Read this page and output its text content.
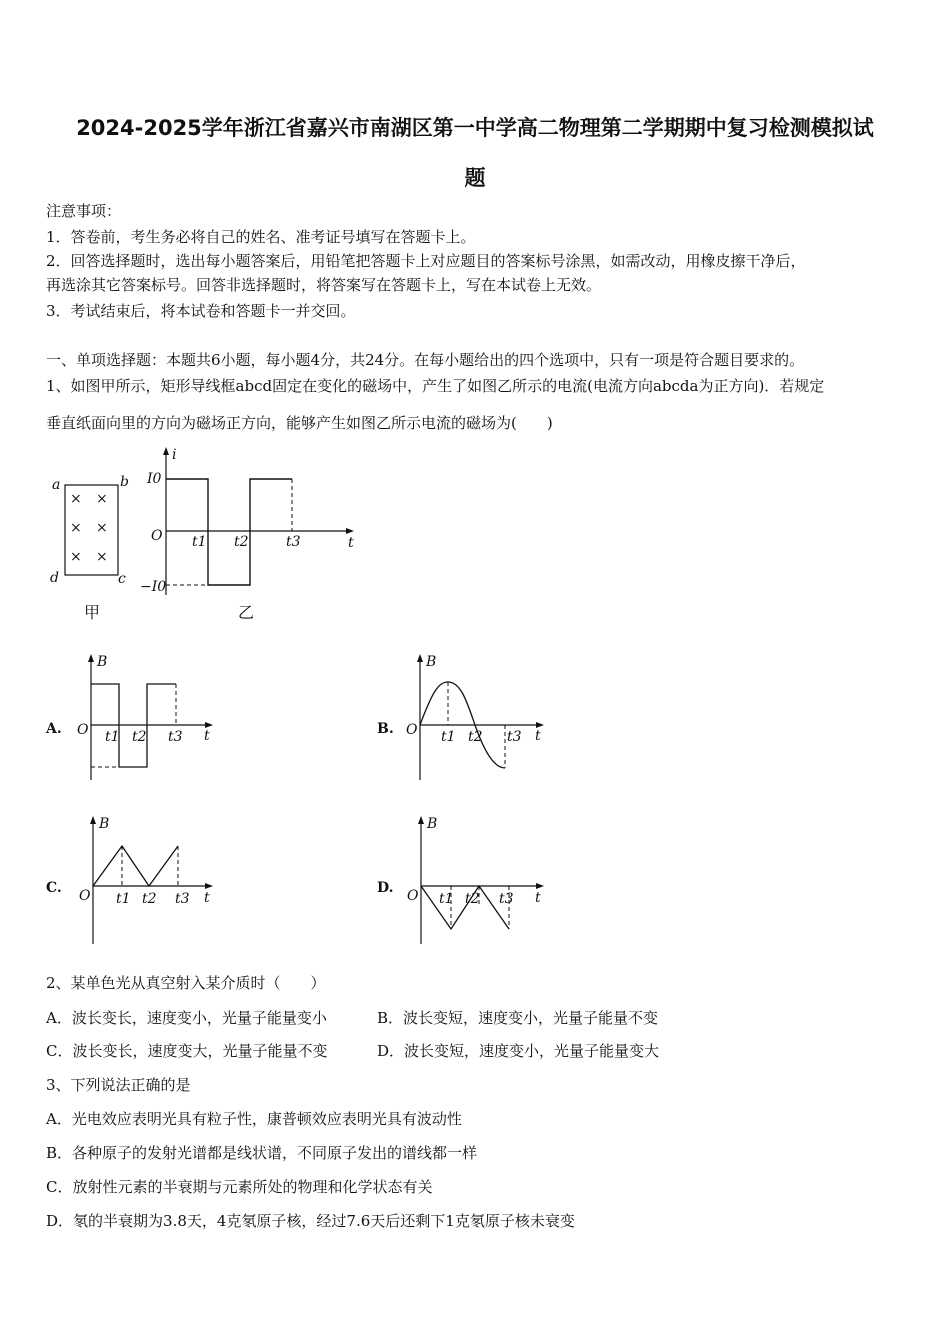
2024-2025学年浙江省嘉兴市南湖区第一中学高二物理第二学期期中复习检测模拟试
题
注意事项：
1．答卷前，考生务必将自己的姓名、准考证号填写在答题卡上。
2．回答选择题时，选出每小题答案后，用铅笔把答题卡上对应题目的答案标号涂黑，如需改动，用橡皮擦干净后，
再选涂其它答案标号。回答非选择题时，将答案写在答题卡上，写在本试卷上无效。
3．考试结束后，将本试卷和答题卡一并交回。
一、单项选择题：本题共6小题，每小题4分，共24分。在每小题给出的四个选项中，只有一项是符合题目要求的。
1、如图甲所示，矩形导线框abcd固定在变化的磁场中，产生了如图乙所示的电流(电流方向abcda为正方向)．若规定
垂直纸面向里的方向为磁场正方向，能够产生如图乙所示电流的磁场为(　　)
a	b
c
d
× ×
× ×
× ×
甲
i
t
O
I0
−I0
t1 t2	t3
乙
A.
B
t
O t1 t2 t3	B.
B
t
O t1 t2 t3
C.
B
t
O t1 t2 t3
D.
B
t
O t1 t2 t3
2、某单色光从真空射入某介质时（　　）
A．波长变长，速度变小，光量子能量变小	B．波长变短，速度变小，光量子能量不变
C．波长变长，速度变大，光量子能量不变	D．波长变短，速度变小，光量子能量变大
3、下列说法正确的是
A．光电效应表明光具有粒子性，康普顿效应表明光具有波动性
B．各种原子的发射光谱都是线状谱，不同原子发出的谱线都一样
C．放射性元素的半衰期与元素所处的物理和化学状态有关
D．氡的半衰期为3.8天，4克氡原子核，经过7.6天后还剩下1克氡原子核未衰变
